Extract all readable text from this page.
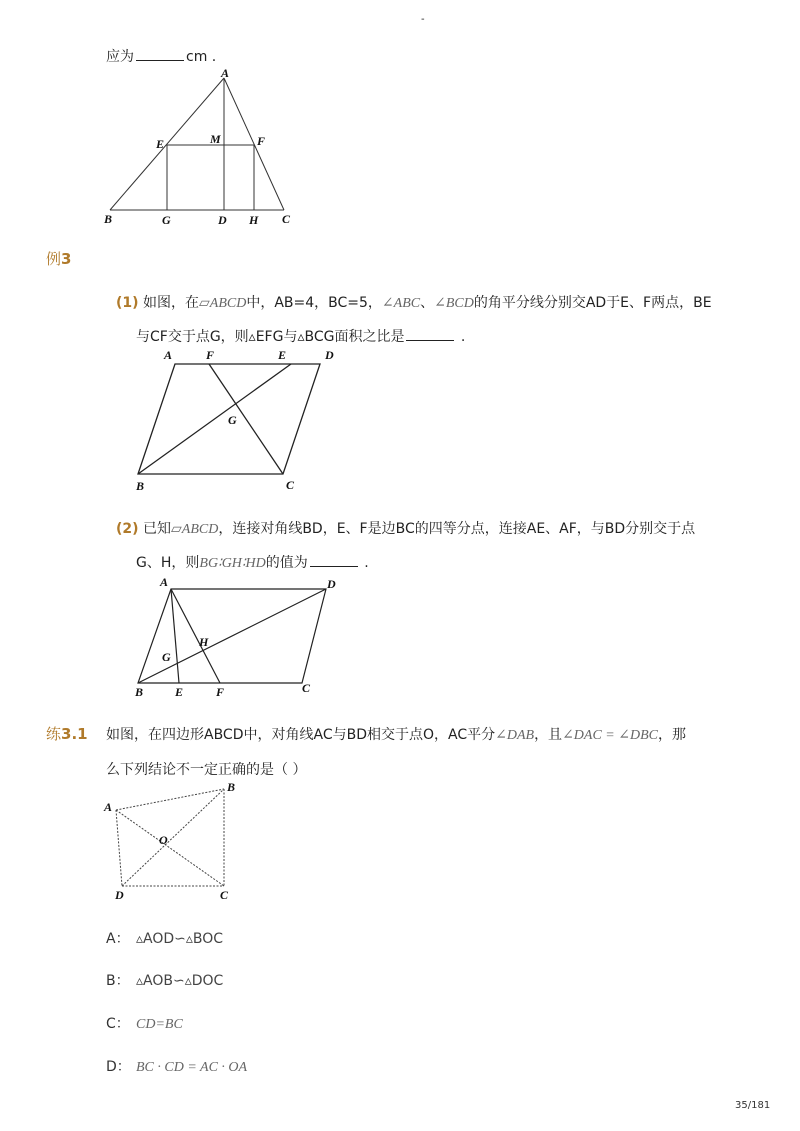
-
应为	cm .
A
E	M	F
B	G	D H C
例3
(1) 如图，在▱ABCD中，AB=4，BC=5，∠ABC、∠BCD的角平分线分别交AD于E、F两点，BE
与CF交于点G，则▵EFG与▵BCG面积之比是	.
A	F	E	D
G
B	C
(2) 已知▱ABCD，连接对角线BD，E、F是边BC的四等分点，连接AE、AF，与BD分别交于点
G、H，则BG∶GH∶HD的值为	.
A	D
H
G
B	E	F	C
练3.1 如图，在四边形ABCD中，对角线AC与BD相交于点O，AC平分∠DAB，且∠DAC = ∠DBC，那
么下列结论不一定正确的是（ ）
A
B
O
D	C
A： ▵AOD∽▵BOC
B： ▵AOB∽▵DOC
C： CD=BC
D： BC · CD = AC · OA
35/181
